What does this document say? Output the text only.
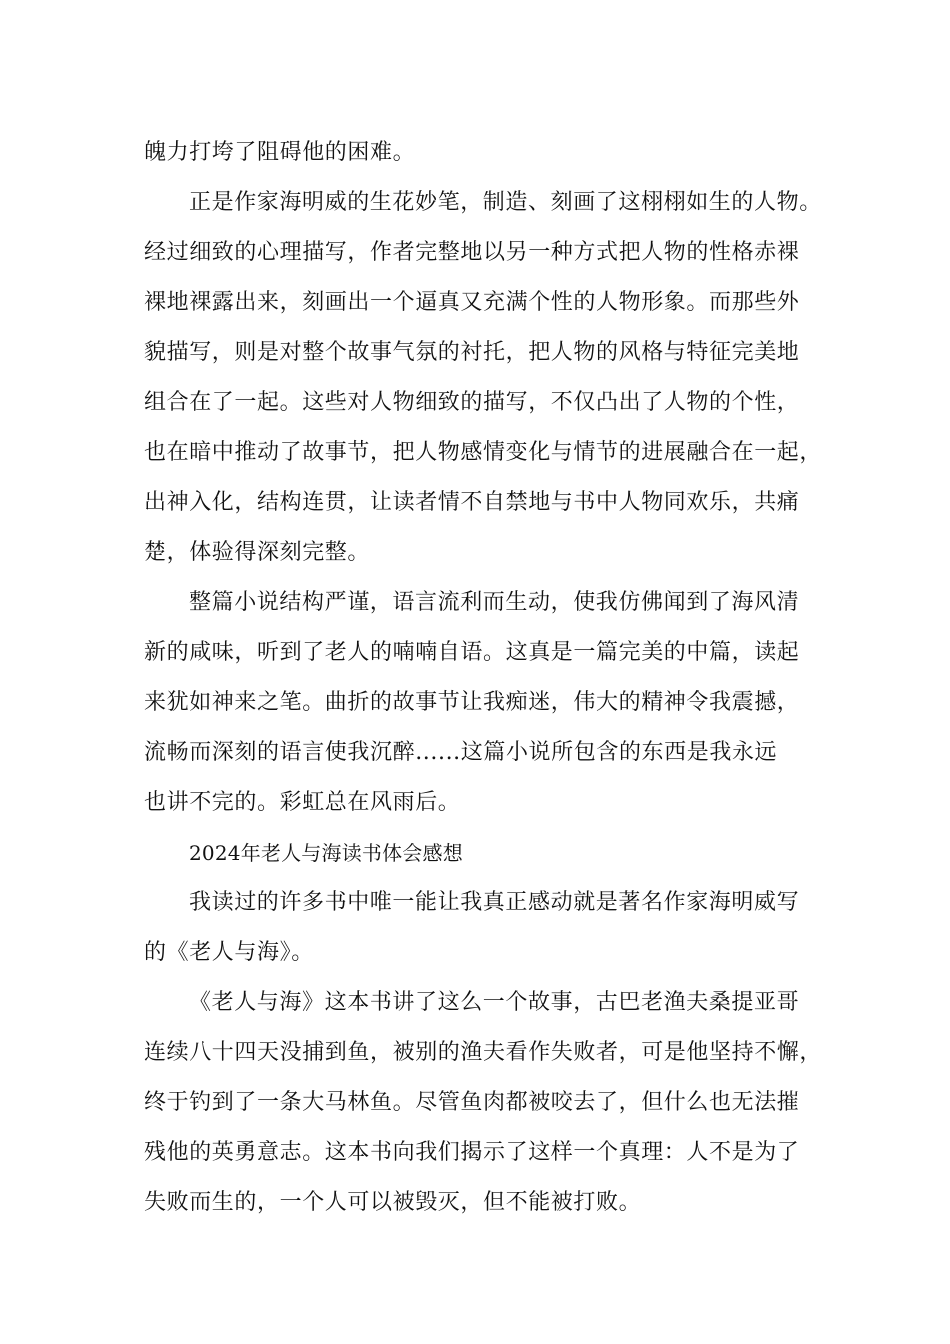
魄力打垮了阻碍他的困难。
正是作家海明威的生花妙笔，制造、刻画了这栩栩如生的人物。
经过细致的心理描写，作者完整地以另一种方式把人物的性格赤裸
裸地裸露出来，刻画出一个逼真又充满个性的人物形象。而那些外
貌描写，则是对整个故事气氛的衬托，把人物的风格与特征完美地
组合在了一起。这些对人物细致的描写，不仅凸出了人物的个性，
也在暗中推动了故事节，把人物感情变化与情节的进展融合在一起，
出神入化，结构连贯，让读者情不自禁地与书中人物同欢乐，共痛
楚，体验得深刻完整。
整篇小说结构严谨，语言流利而生动，使我仿佛闻到了海风清
新的咸味，听到了老人的喃喃自语。这真是一篇完美的中篇，读起
来犹如神来之笔。曲折的故事节让我痴迷，伟大的精神令我震撼，
流畅而深刻的语言使我沉醉......这篇小说所包含的东西是我永远
也讲不完的。彩虹总在风雨后。
2024年老人与海读书体会感想
我读过的许多书中唯一能让我真正感动就是著名作家海明威写
的《老人与海》。
《老人与海》这本书讲了这么一个故事，古巴老渔夫桑提亚哥
连续八十四天没捕到鱼，被别的渔夫看作失败者，可是他坚持不懈，
终于钓到了一条大马林鱼。尽管鱼肉都被咬去了，但什么也无法摧
残他的英勇意志。这本书向我们揭示了这样一个真理：人不是为了
失败而生的，一个人可以被毁灭，但不能被打败。
